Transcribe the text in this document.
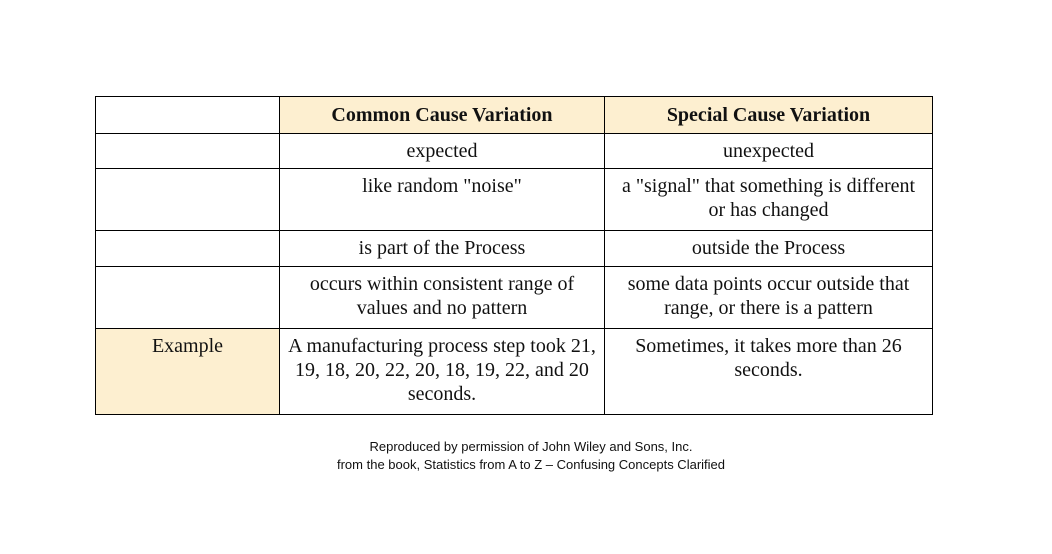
	Common Cause Variation	Special Cause Variation
	expected	unexpected
	like random "noise"	a "signal" that something is different or has changed
	is part of the Process	outside the Process
	occurs within consistent range of values and no pattern	some data points occur outside that range, or there is a pattern
Example	A manufacturing process step took 21, 19, 18, 20, 22, 20, 18, 19, 22, and 20 seconds.	Sometimes, it takes more than 26 seconds.
Reproduced by permission of John Wiley and Sons, Inc.
from the book, Statistics from A to Z – Confusing Concepts Clarified
